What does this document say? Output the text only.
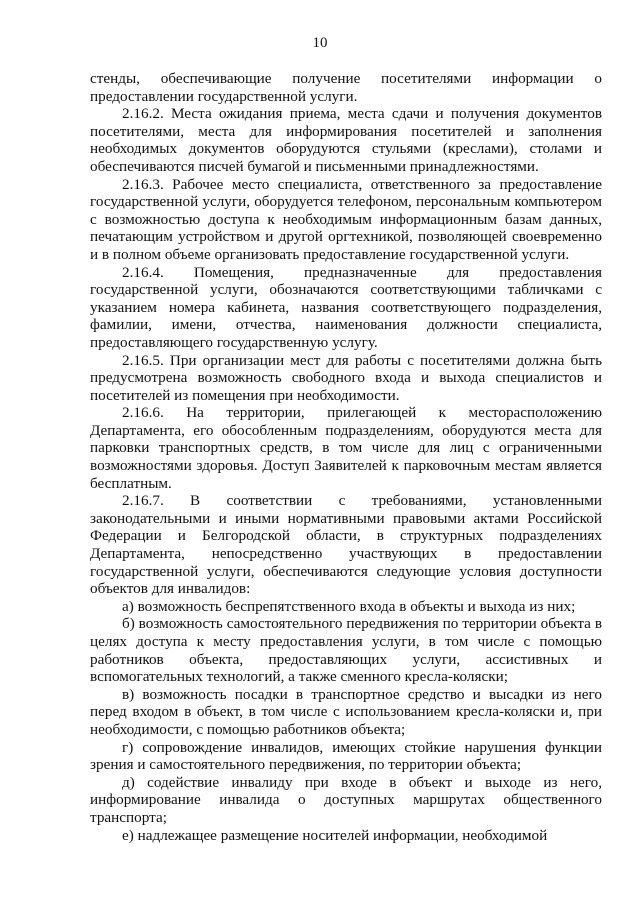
10

стенды, обеспечивающие получение посетителями информации о предоставлении государственной услуги.

2.16.2. Места ожидания приема, места сдачи и получения документов посетителями, места для информирования посетителей и заполнения необходимых документов оборудуются стульями (креслами), столами и обеспечиваются писчей бумагой и письменными принадлежностями.

2.16.3. Рабочее место специалиста, ответственного за предоставление государственной услуги, оборудуется телефоном, персональным компьютером с возможностью доступа к необходимым информационным базам данных, печатающим устройством и другой оргтехникой, позволяющей своевременно и в полном объеме организовать предоставление государственной услуги.

2.16.4. Помещения, предназначенные для предоставления государственной услуги, обозначаются соответствующими табличками с указанием номера кабинета, названия соответствующего подразделения, фамилии, имени, отчества, наименования должности специалиста, предоставляющего государственную услугу.

2.16.5. При организации мест для работы с посетителями должна быть предусмотрена возможность свободного входа и выхода специалистов и посетителей из помещения при необходимости.

2.16.6. На территории, прилегающей к месторасположению Департамента, его обособленным подразделениям, оборудуются места для парковки транспортных средств, в том числе для лиц с ограниченными возможностями здоровья. Доступ Заявителей к парковочным местам является бесплатным.

2.16.7. В соответствии с требованиями, установленными законодательными и иными нормативными правовыми актами Российской Федерации и Белгородской области, в структурных подразделениях Департамента, непосредственно участвующих в предоставлении государственной услуги, обеспечиваются следующие условия доступности объектов для инвалидов:

а) возможность беспрепятственного входа в объекты и выхода из них;

б) возможность самостоятельного передвижения по территории объекта в целях доступа к месту предоставления услуги, в том числе с помощью работников объекта, предоставляющих услуги, ассистивных и вспомогательных технологий, а также сменного кресла-коляски;

в) возможность посадки в транспортное средство и высадки из него перед входом в объект, в том числе с использованием кресла-коляски и, при необходимости, с помощью работников объекта;

г) сопровождение инвалидов, имеющих стойкие нарушения функции зрения и самостоятельного передвижения, по территории объекта;

д) содействие инвалиду при входе в объект и выходе из него, информирование инвалида о доступных маршрутах общественного транспорта;

е) надлежащее размещение носителей информации, необходимой
